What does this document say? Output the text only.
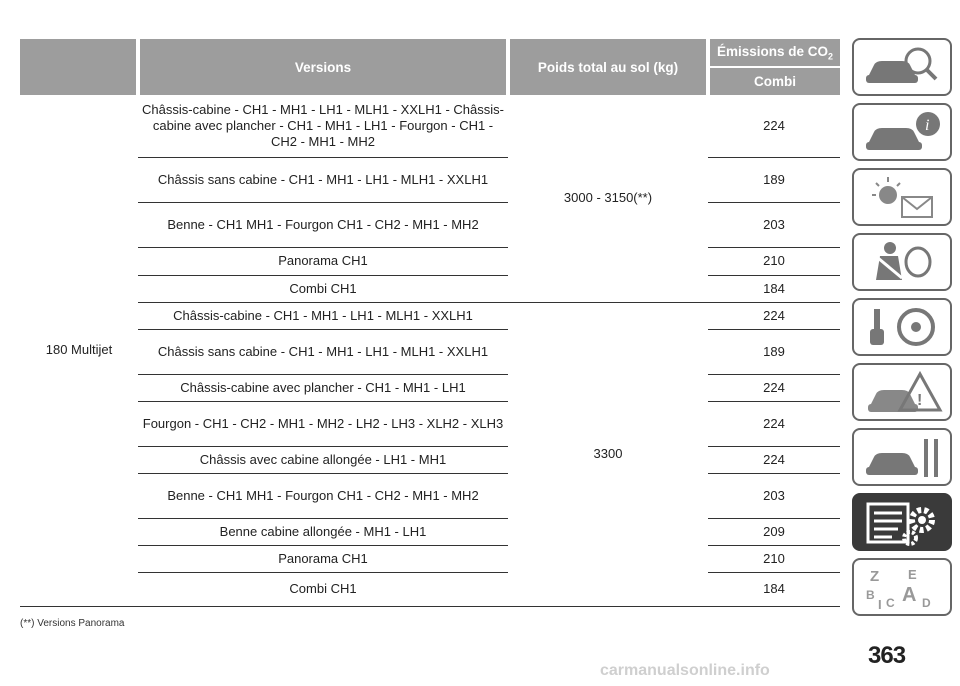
	Versions	Poids total au sol (kg)	Émissions de $CO_2$
			Combi
180 Multijet	Châssis-cabine - CH1 - MH1 - LH1 - MLH1 - XXLH1 - Châssis-cabine avec plancher - CH1 - MH1 - LH1 - Fourgon - CH1 - CH2 - MH1 - MH2	3000 - 3150(**)	224
	Châssis sans cabine - CH1 - MH1 - LH1 - MLH1 - XXLH1		189
	Benne - CH1 MH1 - Fourgon CH1 - CH2 - MH1 - MH2		203
	Panorama CH1		210
	Combi CH1		184
	Châssis-cabine - CH1 - MH1 - LH1 - MLH1 - XXLH1	3300	224
	Châssis sans cabine - CH1 - MH1 - LH1 - MLH1 - XXLH1		189
	Châssis-cabine avec plancher - CH1 - MH1 - LH1		224
	Fourgon - CH1 - CH2 - MH1 - MH2 - LH2 - LH3 - XLH2 - XLH3		224
	Châssis avec cabine allongée - LH1 - MH1		224
	Benne - CH1 MH1 - Fourgon CH1 - CH2 - MH1 - MH2		203
	Benne cabine allongée - MH1 - LH1		209
	Panorama CH1		210
	Combi CH1		184
(**) Versions Panorama
carmanualsonline.info
363
i
!
Z E
B A
I C D
